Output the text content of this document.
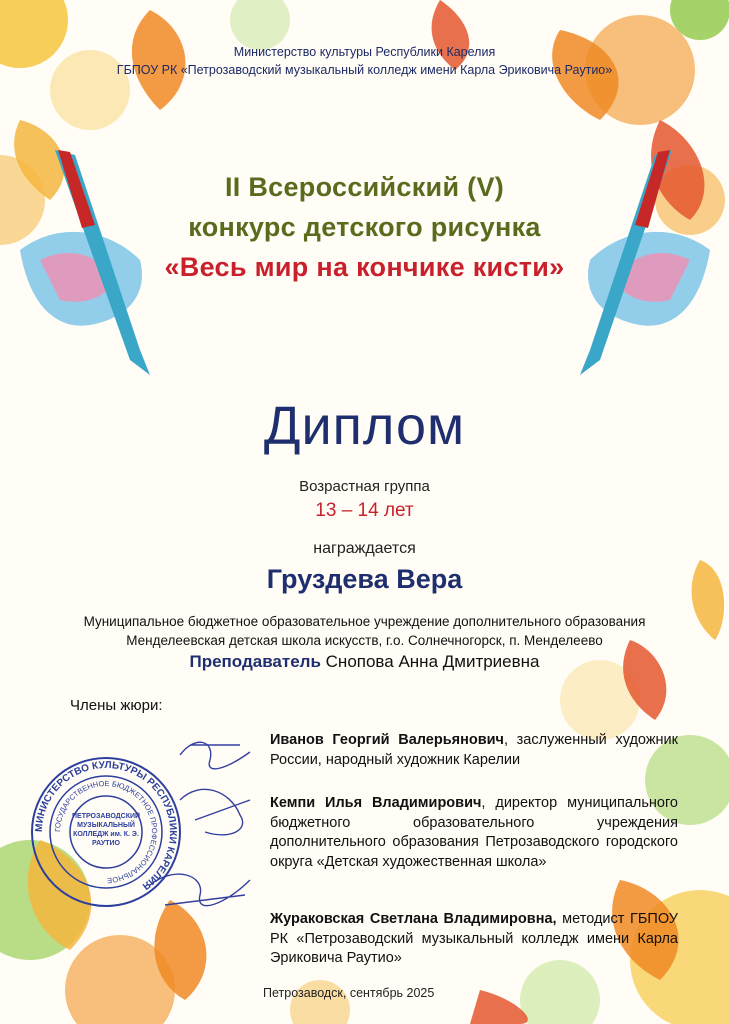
МИНИСТЕРСТВО КУЛЬТУРЫ РЕСПУБЛИКИ КАРЕЛИЯ
ГОСУДАРСТВЕННОЕ БЮДЖЕТНОЕ ПРОФЕССИОНАЛЬНОЕ
ПЕТРОЗАВОДСКИЙ МУЗЫКАЛЬНЫЙ КОЛЛЕДЖ им. К. Э. РАУТИО
Министерство культуры Республики Карелия
ГБПОУ РК «Петрозаводский музыкальный колледж имени Карла Эриковича Раутио»
II Всероссийский (V)
конкурс детского рисунка
«Весь мир на кончике кисти»
Диплом
Возрастная группа
13 – 14 лет
награждается
Груздева Вера
Муниципальное бюджетное образовательное учреждение дополнительного образования
Менделеевская детская школа искусств, г.о. Солнечногорск, п. Менделеево
Преподаватель Снопова Анна Дмитриевна
Члены жюри:
Иванов Георгий Валерьянович, заслуженный художник России, народный художник Карелии
Кемпи Илья Владимирович, директор муниципального бюджетного образовательного учреждения дополнительного образования Петрозаводского городского округа «Детская художественная школа»
Жураковская Светлана Владимировна, методист ГБПОУ РК «Петрозаводский музыкальный колледж имени Карла Эриковича Раутио»
Петрозаводск, сентябрь 2025
